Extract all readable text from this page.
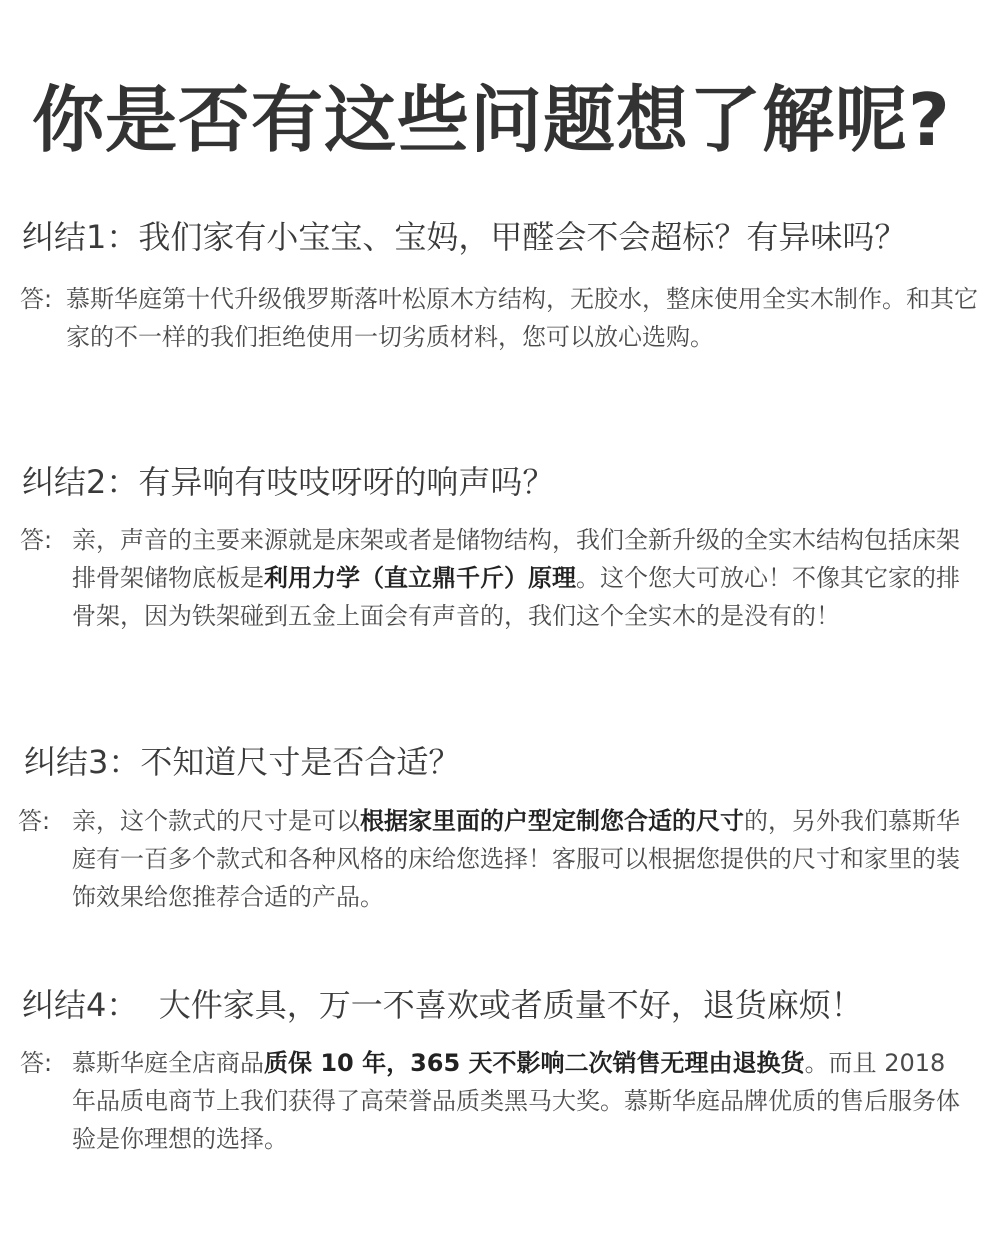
你是否有这些问题想了解呢?
纠结1：我们家有小宝宝、宝妈，甲醛会不会超标？有异味吗？
答: 慕斯华庭第十代升级俄罗斯落叶松原木方结构，无胶水，整床使用全实木制作。和其它家的不一样的我们拒绝使用一切劣质材料，您可以放心选购。
纠结2：有异响有吱吱呀呀的响声吗？
答: 亲，声音的主要来源就是床架或者是储物结构，我们全新升级的全实木结构包括床架排骨架储物底板是利用力学（直立鼎千斤）原理。这个您大可放心！不像其它家的排骨架，因为铁架碰到五金上面会有声音的，我们这个全实木的是没有的！
纠结3：不知道尺寸是否合适？
答: 亲，这个款式的尺寸是可以根据家里面的户型定制您合适的尺寸的，另外我们慕斯华庭有一百多个款式和各种风格的床给您选择！客服可以根据您提供的尺寸和家里的装饰效果给您推荐合适的产品。
纠结4：  大件家具，万一不喜欢或者质量不好，退货麻烦！
答: 慕斯华庭全店商品质保 10 年，365 天不影响二次销售无理由退换货。而且 2018 年品质电商节上我们获得了高荣誉品质类黑马大奖。慕斯华庭品牌优质的售后服务体验是你理想的选择。
